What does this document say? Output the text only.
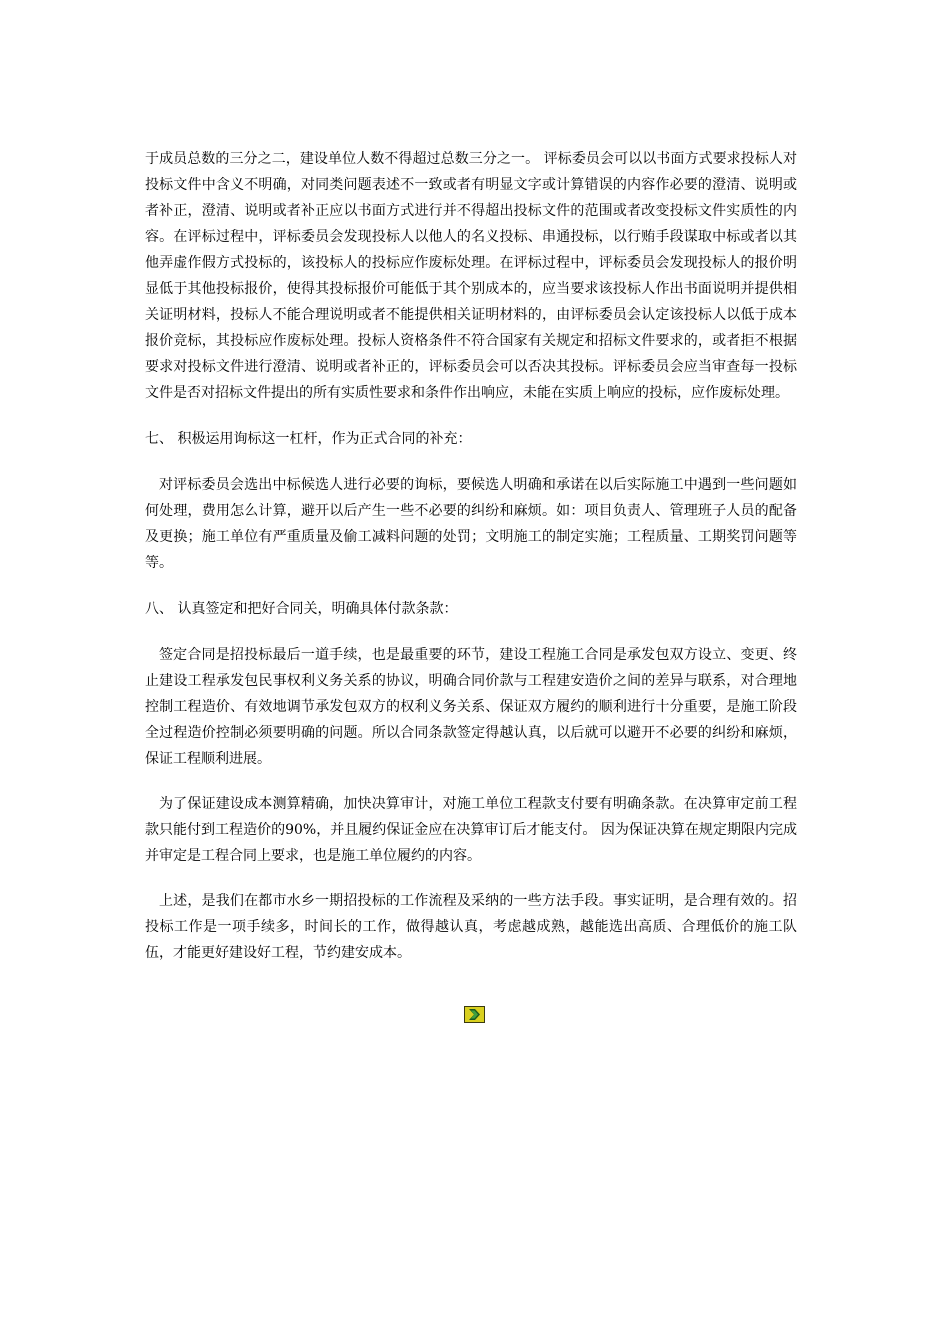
于成员总数的三分之二，建设单位人数不得超过总数三分之一。 评标委员会可以以书面方式要求投标人对投标文件中含义不明确，对同类问题表述不一致或者有明显文字或计算错误的内容作必要的澄清、说明或者补正，澄清、说明或者补正应以书面方式进行并不得超出投标文件的范围或者改变投标文件实质性的内容。在评标过程中，评标委员会发现投标人以他人的名义投标、串通投标，以行贿手段谋取中标或者以其他弄虚作假方式投标的，该投标人的投标应作废标处理。在评标过程中，评标委员会发现投标人的报价明显低于其他投标报价，使得其投标报价可能低于其个别成本的，应当要求该投标人作出书面说明并提供相关证明材料，投标人不能合理说明或者不能提供相关证明材料的，由评标委员会认定该投标人以低于成本报价竞标，其投标应作废标处理。投标人资格条件不符合国家有关规定和招标文件要求的，或者拒不根据要求对投标文件进行澄清、说明或者补正的，评标委员会可以否决其投标。评标委员会应当审查每一投标文件是否对招标文件提出的所有实质性要求和条件作出响应，未能在实质上响应的投标，应作废标处理。

七、 积极运用询标这一杠杆，作为正式合同的补充：

对评标委员会选出中标候选人进行必要的询标，要候选人明确和承诺在以后实际施工中遇到一些问题如何处理，费用怎么计算，避开以后产生一些不必要的纠纷和麻烦。如：项目负责人、管理班子人员的配备及更换；施工单位有严重质量及偷工减料问题的处罚；文明施工的制定实施；工程质量、工期奖罚问题等等。

八、 认真签定和把好合同关，明确具体付款条款：

签定合同是招投标最后一道手续，也是最重要的环节，建设工程施工合同是承发包双方设立、变更、终止建设工程承发包民事权利义务关系的协议，明确合同价款与工程建安造价之间的差异与联系，对合理地控制工程造价、有效地调节承发包双方的权利义务关系、保证双方履约的顺利进行十分重要，是施工阶段全过程造价控制必须要明确的问题。所以合同条款签定得越认真，以后就可以避开不必要的纠纷和麻烦，保证工程顺利进展。

为了保证建设成本测算精确，加快决算审计，对施工单位工程款支付要有明确条款。在决算审定前工程款只能付到工程造价的90%，并且履约保证金应在决算审订后才能支付。 因为保证决算在规定期限内完成并审定是工程合同上要求，也是施工单位履约的内容。

上述，是我们在都市水乡一期招投标的工作流程及采纳的一些方法手段。事实证明，是合理有效的。招投标工作是一项手续多，时间长的工作，做得越认真，考虑越成熟，越能选出高质、合理低价的施工队伍，才能更好建设好工程，节约建安成本。
